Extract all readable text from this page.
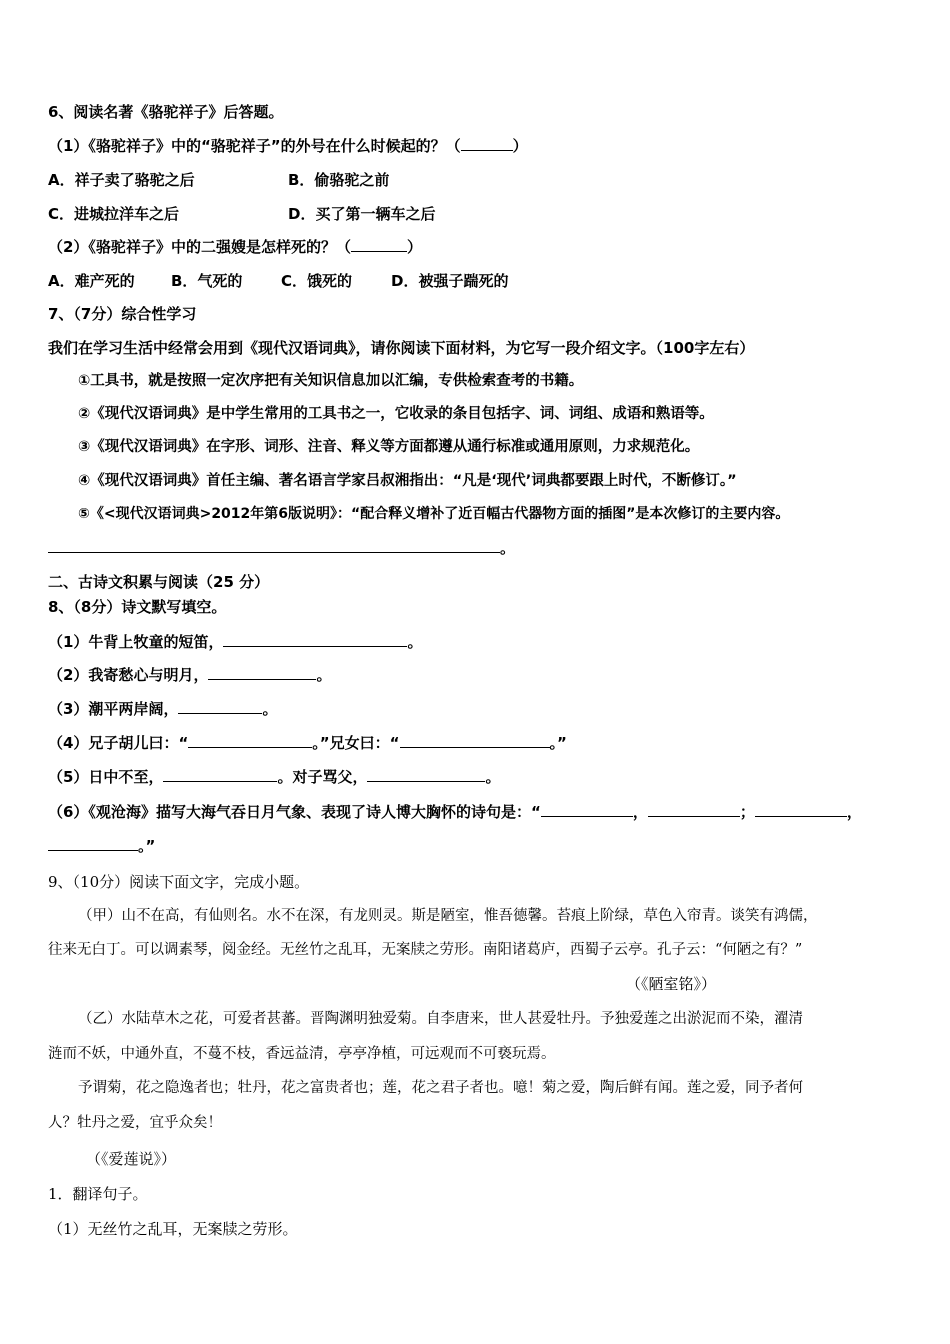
6、阅读名著《骆驼祥子》后答题。
（1）《骆驼祥子》中的“骆驼祥子”的外号在什么时候起的？（	）
A．祥子卖了骆驼之后	B．偷骆驼之前
C．进城拉洋车之后	D．买了第一辆车之后
（2）《骆驼祥子》中的二强嫂是怎样死的？（	）
A．难产死的 B．气死的	C．饿死的	D．被强子踹死的
7、（7分）综合性学习
我们在学习生活中经常会用到《现代汉语词典》，请你阅读下面材料，为它写一段介绍文字。（100字左右）
①工具书，就是按照一定次序把有关知识信息加以汇编，专供检索查考的书籍。
②《现代汉语词典》是中学生常用的工具书之一，它收录的条目包括字、词、词组、成语和熟语等。
③《现代汉语词典》在字形、词形、注音、释义等方面都遵从通行标准或通用原则，力求规范化。
④《现代汉语词典》首任主编、著名语言学家吕叔湘指出：“凡是‘现代’词典都要跟上时代，不断修订。”
⑤《<现代汉语词典>2012年第6版说明》：“配合释义增补了近百幅古代器物方面的插图”是本次修订的主要内容。
。
二、古诗文积累与阅读（25 分）
8、（8分）诗文默写填空。
（1）牛背上牧童的短笛，	。
（2）我寄愁心与明月，	。
（3）潮平两岸阔，	。
（4）兄子胡儿曰：“	。”兄女曰：“	。”
（5）日中不至，	。对子骂父，	。
（6）《观沧海》描写大海气吞日月气象、表现了诗人博大胸怀的诗句是：“	，	；	，
。”
9、（10分）阅读下面文字，完成小题。
（甲）山不在高，有仙则名。水不在深，有龙则灵。斯是陋室，惟吾德馨。苔痕上阶绿，草色入帘青。谈笑有鸿儒，
往来无白丁。可以调素琴，阅金经。无丝竹之乱耳，无案牍之劳形。南阳诸葛庐，西蜀子云亭。孔子云：“何陋之有？”
（《陋室铭》）
（乙）水陆草木之花，可爱者甚蕃。晋陶渊明独爱菊。自李唐来，世人甚爱牡丹。予独爱莲之出淤泥而不染，濯清
涟而不妖，中通外直，不蔓不枝，香远益清，亭亭净植，可远观而不可亵玩焉。
予谓菊，花之隐逸者也；牡丹，花之富贵者也；莲，花之君子者也。噫！菊之爱，陶后鲜有闻。莲之爱，同予者何
人？牡丹之爱，宜乎众矣！
（《爱莲说》）
1．翻译句子。
（1）无丝竹之乱耳，无案牍之劳形。
